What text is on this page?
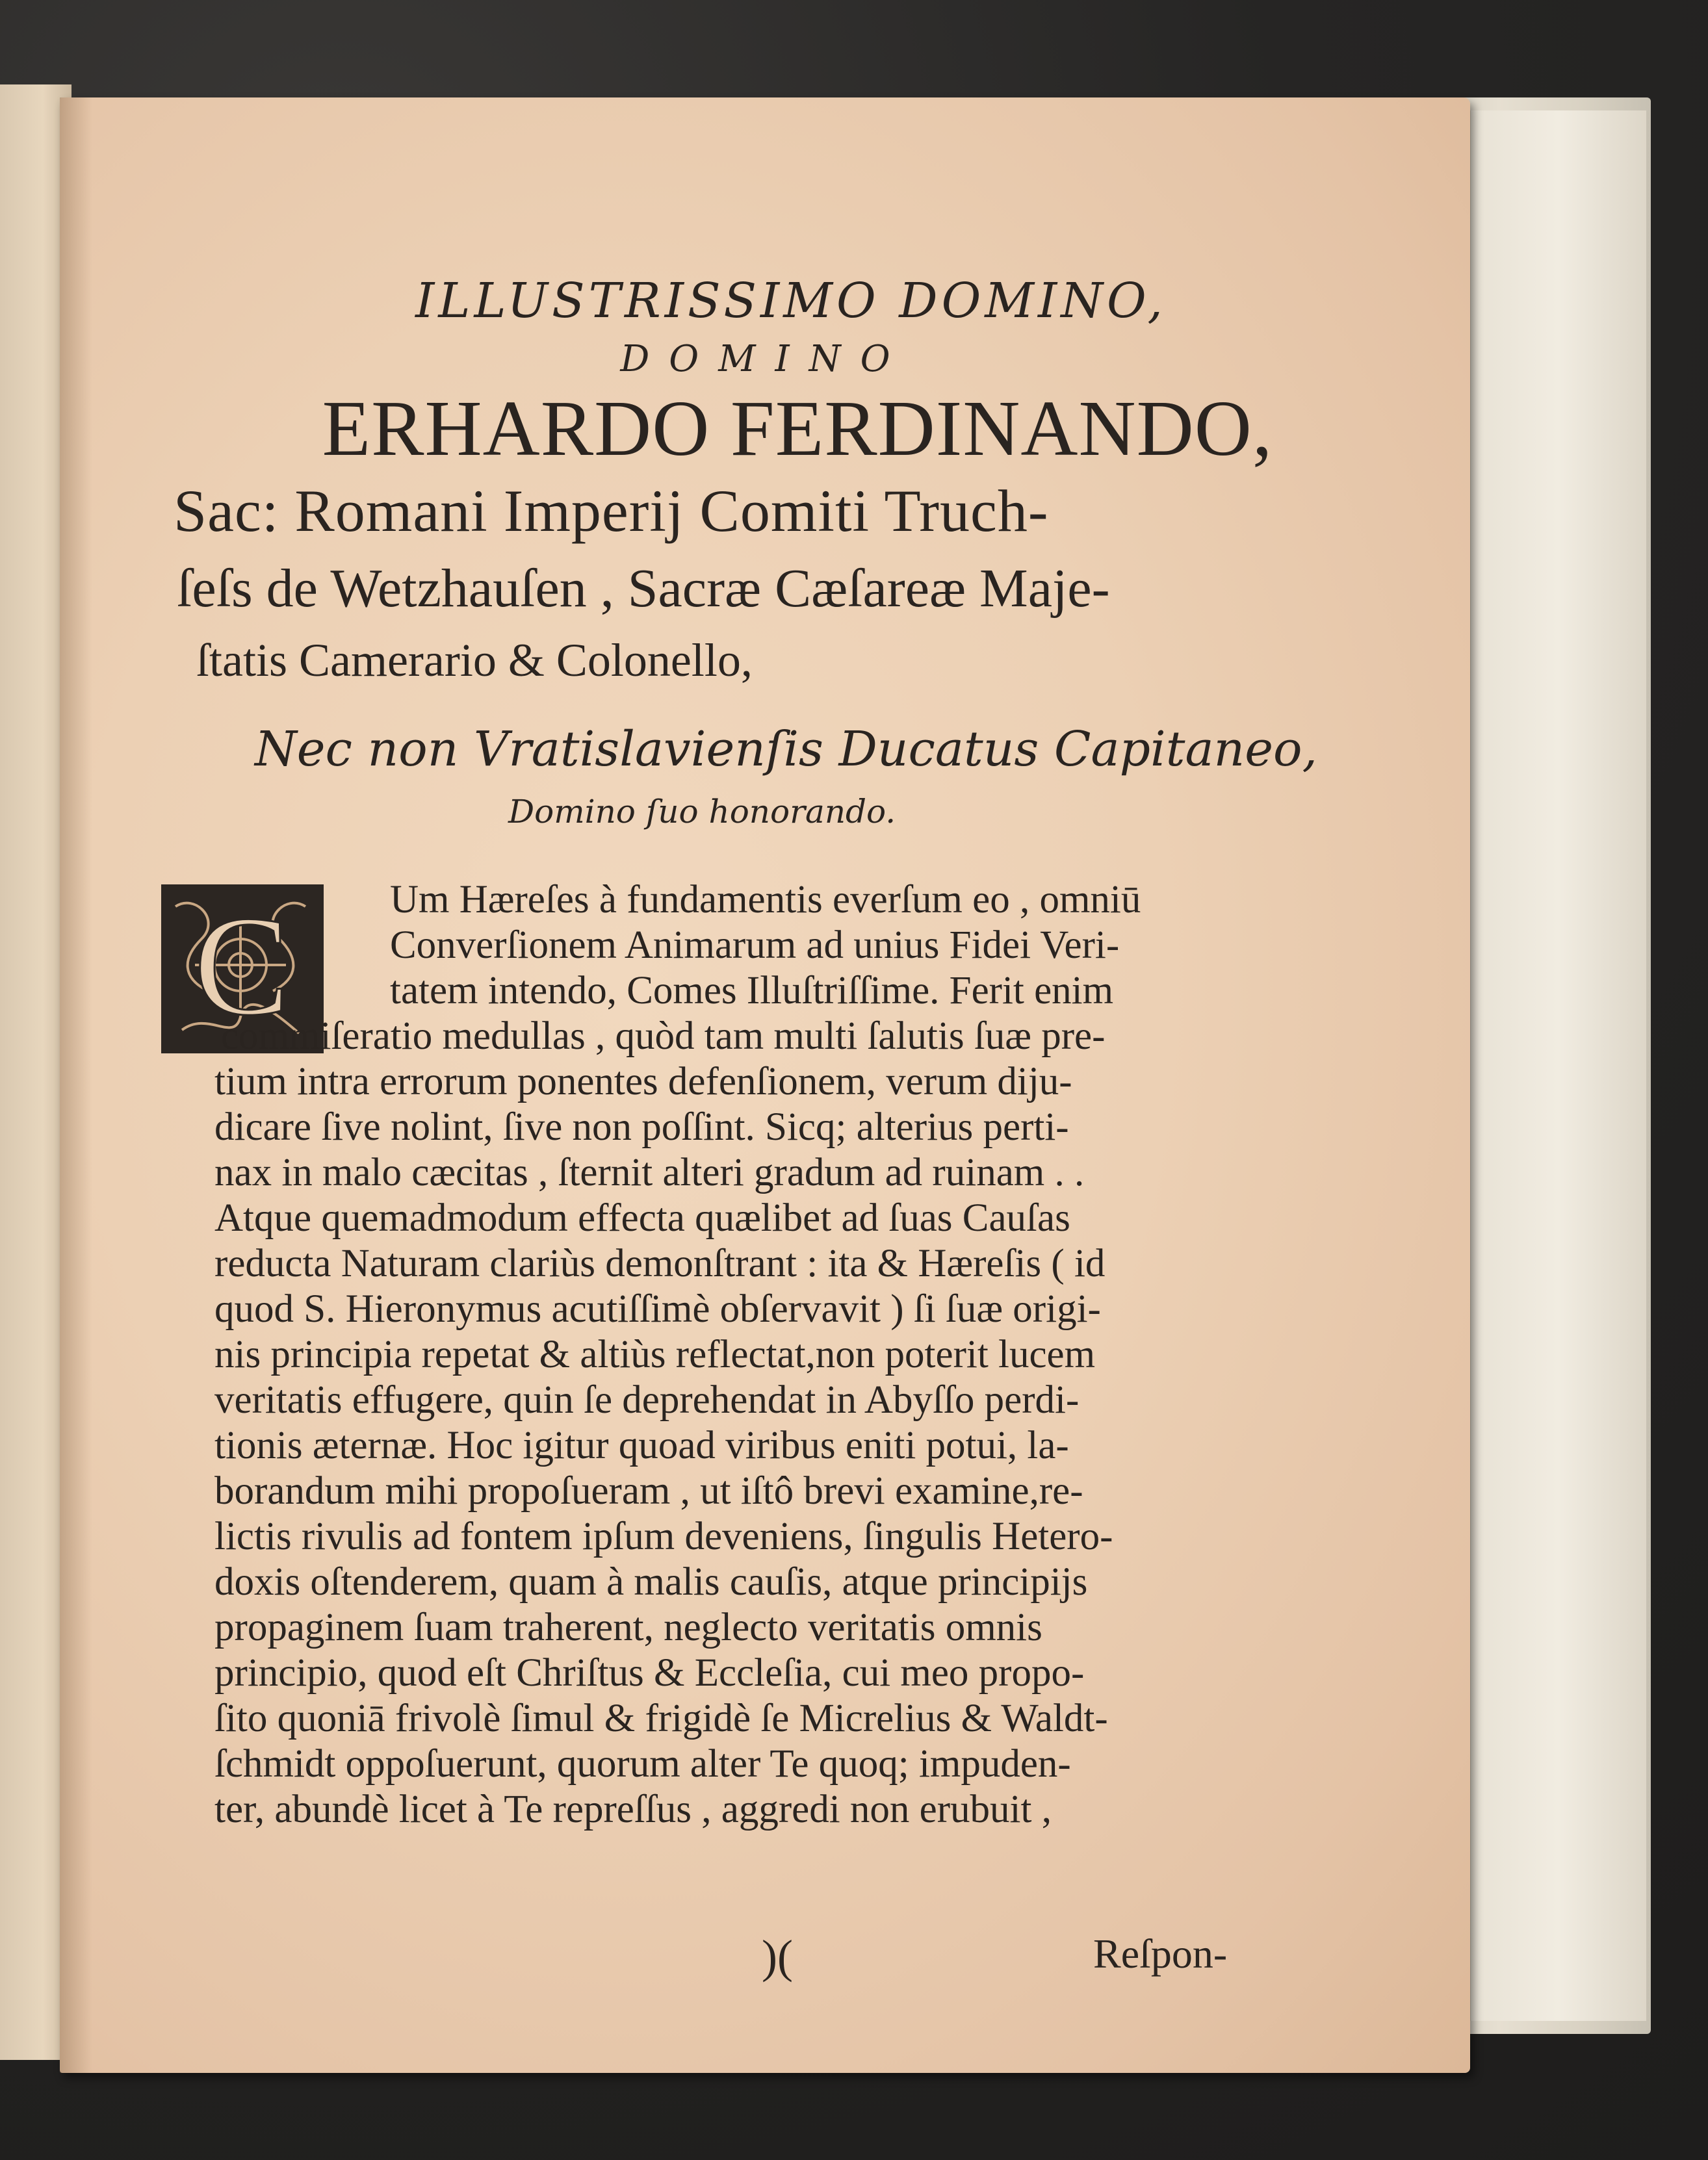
ILLUSTRISSIMO DOMINO,
DOMINO
ERHARDO FERDINANDO,
Sac: Romani Imperij Comiti Truch-
ſeſs de Wetzhauſen , Sacræ Cæſareæ Maje-
ſtatis Camerario & Colonello,
Nec non Vratislavienſis Ducatus Capitaneo,
Domino ſuo honorando.
C	Um Hæreſes à fundamentis everſum eo , omniū
Converſionem Animarum ad unius Fidei Veri-
tatem intendo, Comes Illuſtriſſime. Ferit enim
commiſeratio medullas , quòd tam multi ſalutis ſuæ pre-
tium intra errorum ponentes defenſionem, verum diju-
dicare ſive nolint, ſive non poſſint. Sicq; alterius perti-
nax in malo cæcitas , ſternit alteri gradum ad ruinam . .
Atque quemadmodum effecta quælibet ad ſuas Cauſas
reducta Naturam clariùs demonſtrant : ita & Hæreſis ( id
quod S. Hieronymus acutiſſimè obſervavit ) ſi ſuæ origi-
nis principia repetat & altiùs reflectat,non poterit lucem
veritatis effugere, quin ſe deprehendat in Abyſſo perdi-
tionis æternæ. Hoc igitur quoad viribus eniti potui, la-
borandum mihi propoſueram , ut iſtô brevi examine,re-
lictis rivulis ad fontem ipſum deveniens, ſingulis Hetero-
doxis oſtenderem, quam à malis cauſis, atque principijs
propaginem ſuam traherent, neglecto veritatis omnis
principio, quod eſt Chriſtus & Eccleſia, cui meo propo-
ſito quoniā frivolè ſimul & frigidè ſe Micrelius & Waldt-
ſchmidt oppoſuerunt, quorum alter Te quoq; impuden-
ter, abundè licet à Te repreſſus , aggredi non erubuit ,
)(	Reſpon-
